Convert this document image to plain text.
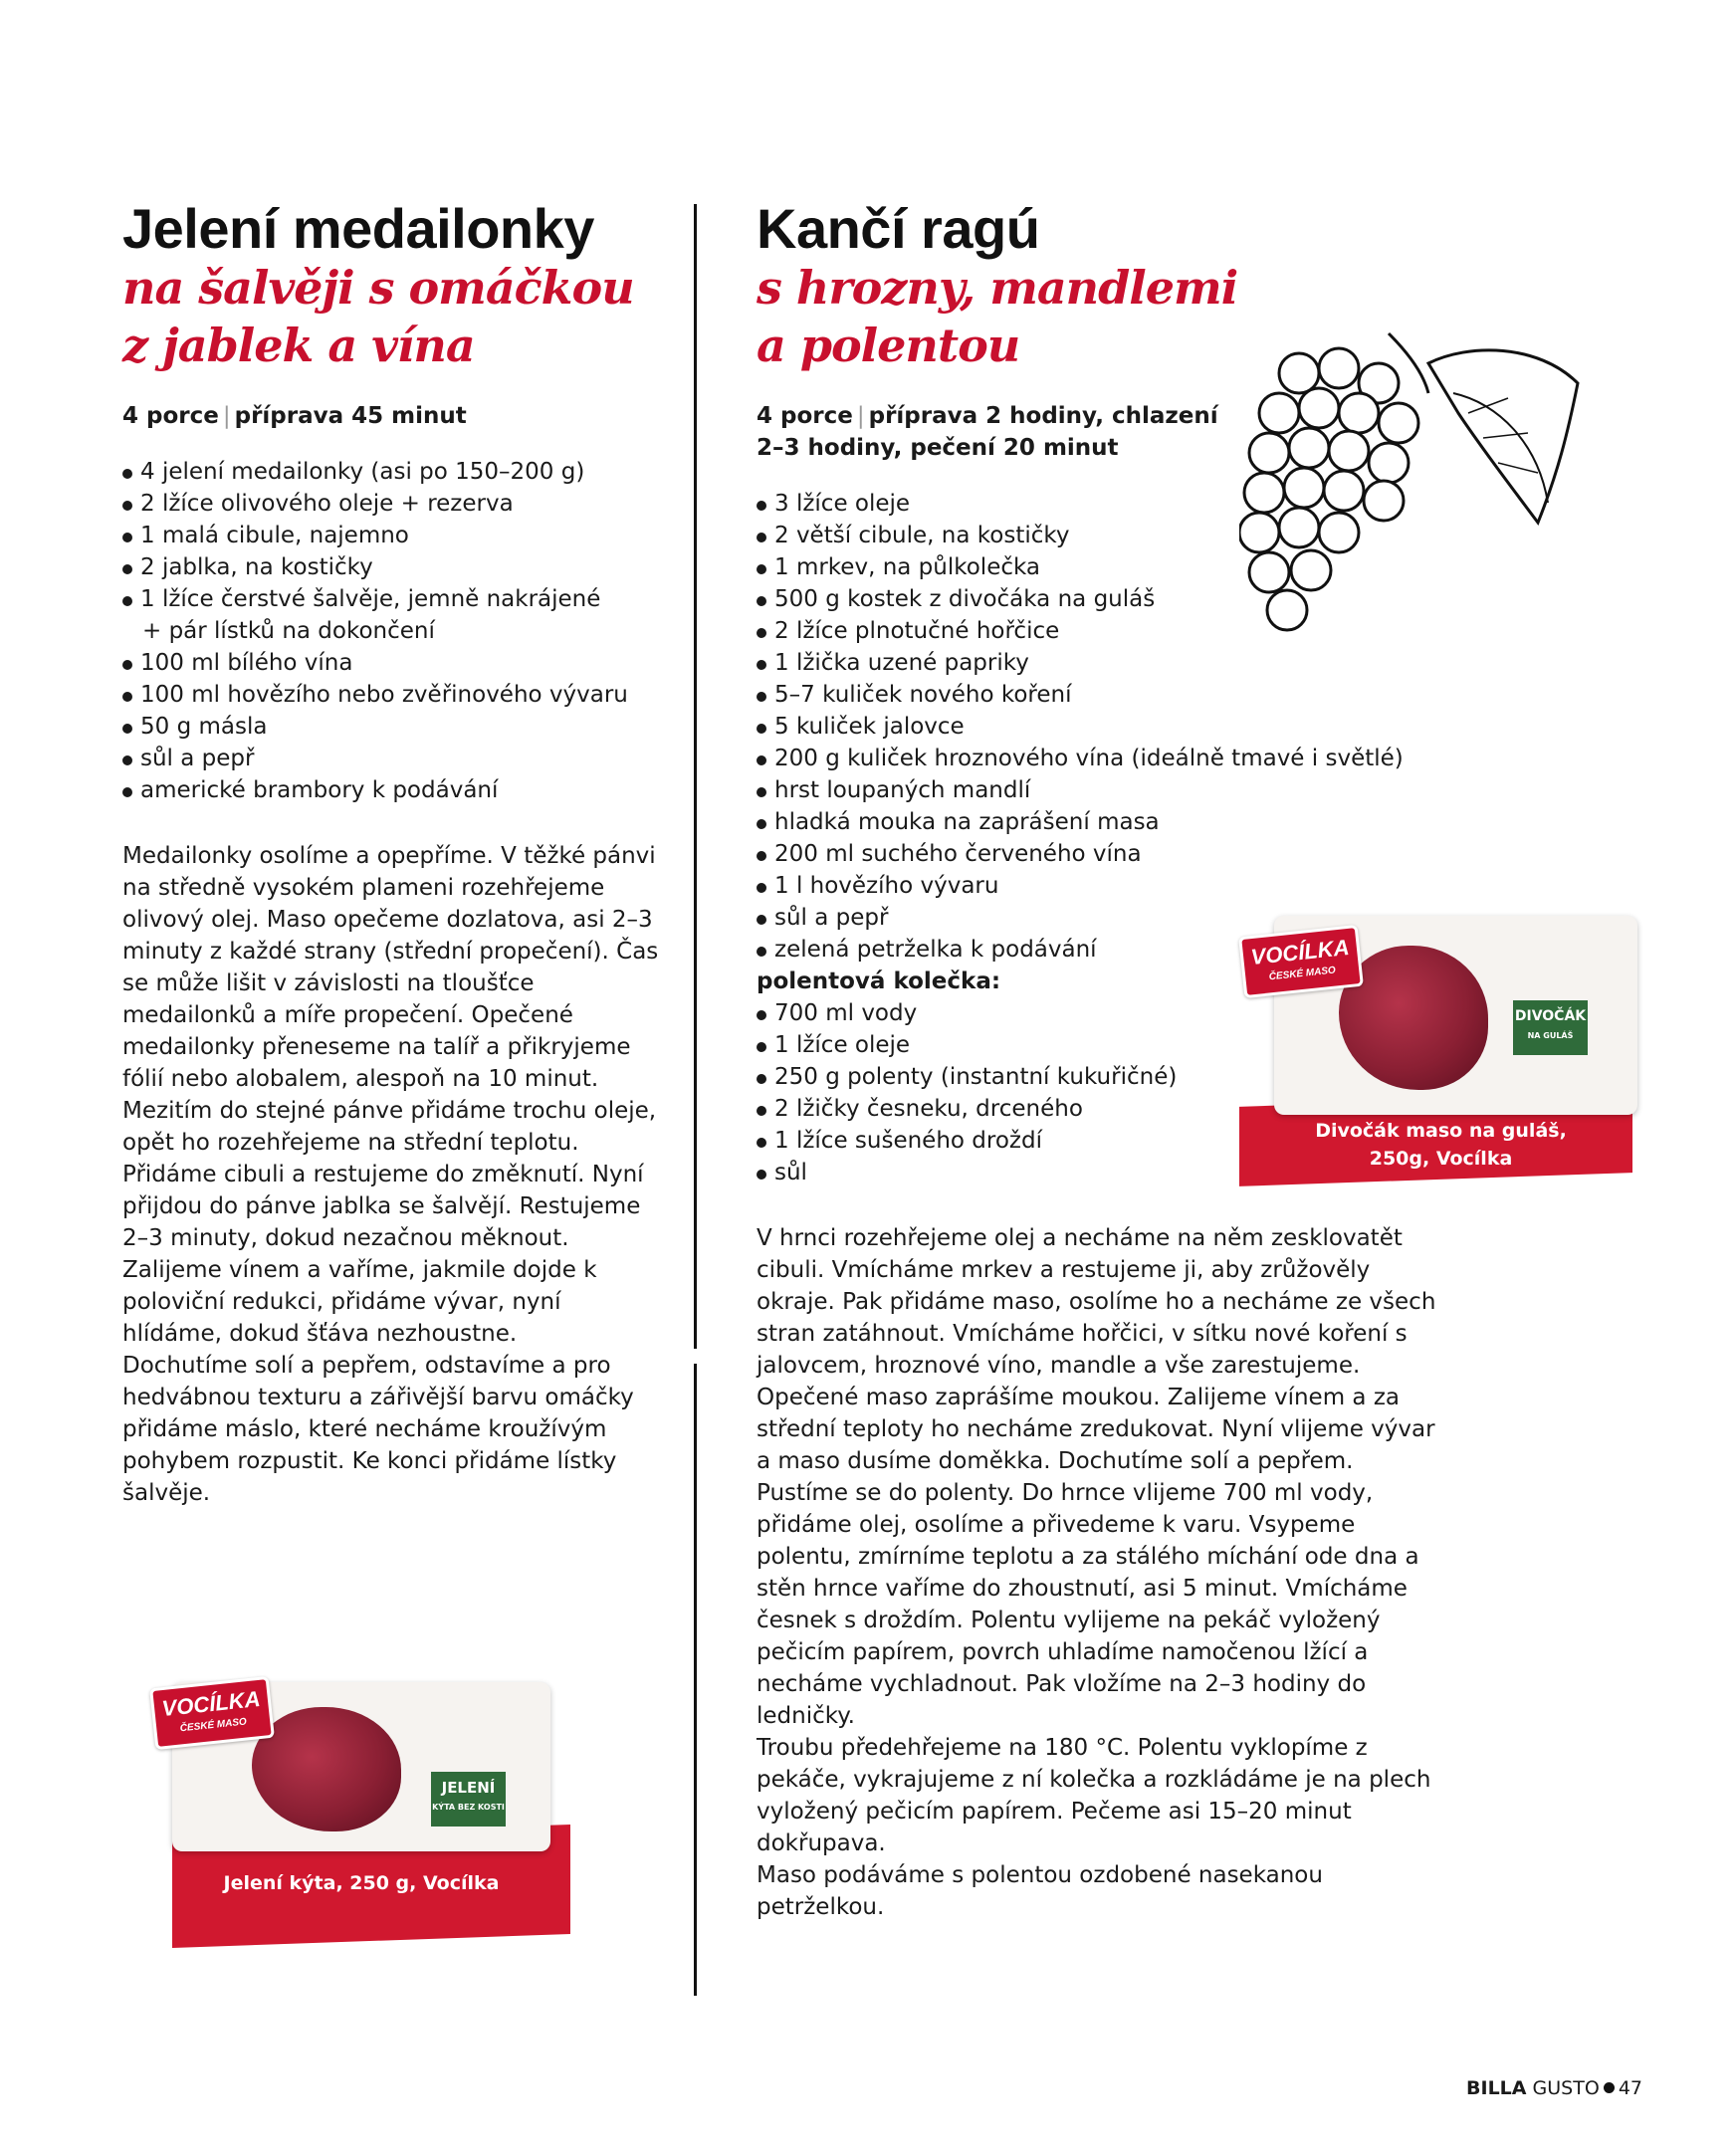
Jelení medailonky
na šalvěji s omáčkou
z jablek a vína
4 porce | příprava 45 minut
4 jelení medailonky (asi po 150–200 g)
2 lžíce olivového oleje + rezerva
1 malá cibule, najemno
2 jablka, na kostičky
1 lžíce čerstvé šalvěje, jemně nakrájené
+ pár lístků na dokončení
100 ml bílého vína
100 ml hovězího nebo zvěřinového vývaru
50 g másla
sůl a pepř
americké brambory k podávání

Medailonky osolíme a opepříme. V těžké pánvi na středně vysokém plameni rozehřejeme olivový olej. Maso opečeme dozlatova, asi 2–3 minuty z každé strany (střední propečení). Čas se může lišit v závislosti na tloušťce medailonků a míře propečení. Opečené medailonky přeneseme na talíř a přikryjeme fólií nebo alobalem, alespoň na 10 minut.

Mezitím do stejné pánve přidáme trochu oleje, opět ho rozehřejeme na střední teplotu. Přidáme cibuli a restujeme do změknutí. Nyní přijdou do pánve jablka se šalvějí. Restujeme 2–3 minuty, dokud nezačnou měknout. Zalijeme vínem a vaříme, jakmile dojde k poloviční redukci, přidáme vývar, nyní hlídáme, dokud šťáva nezhoustne.

Dochutíme solí a pepřem, odstavíme a pro hedvábnou texturu a zářivější barvu omáčky přidáme máslo, které necháme kroužívým pohybem rozpustit. Ke konci přidáme lístky šalvěje.

Kančí ragú
s hrozny, mandlemi
a polentou
4 porce | příprava 2 hodiny, chlazení
2–3 hodiny, pečení 20 minut
3 lžíce oleje
2 větší cibule, na kostičky
1 mrkev, na půlkolečka
500 g kostek z divočáka na guláš
2 lžíce plnotučné hořčice
1 lžička uzené papriky
5–7 kuliček nového koření
5 kuliček jalovce
200 g kuliček hroznového vína (ideálně tmavé i světlé)
hrst loupaných mandlí
hladká mouka na zaprášení masa
200 ml suchého červeného vína
1 l hovězího vývaru
sůl a pepř
zelená petrželka k podávání
polentová kolečka:
700 ml vody
1 lžíce oleje
250 g polenty (instantní kukuřičné)
2 lžičky česneku, drceného
1 lžíce sušeného droždí
sůl

V hrnci rozehřejeme olej a necháme na něm zesklovatět cibuli. Vmícháme mrkev a restujeme ji, aby zrůžověly okraje. Pak přidáme maso, osolíme ho a necháme ze všech stran zatáhnout. Vmícháme hořčici, v sítku nové koření s jalovcem, hroznové víno, mandle a vše zarestujeme. Opečené maso zaprášíme moukou. Zalijeme vínem a za střední teploty ho necháme zredukovat. Nyní vlijeme vývar a maso dusíme doměkka. Dochutíme solí a pepřem.

Pustíme se do polenty. Do hrnce vlijeme 700 ml vody, přidáme olej, osolíme a přivedeme k varu. Vsypeme polentu, zmírníme teplotu a za stálého míchání ode dna a stěn hrnce vaříme do zhoustnutí, asi 5 minut. Vmícháme česnek s droždím. Polentu vylijeme na pekáč vyložený pečicím papírem, povrch uhladíme namočenou lžící a necháme vychladnout. Pak vložíme na 2–3 hodiny do ledničky.

Troubu předehřejeme na 180 °C. Polentu vyklopíme z pekáče, vykrajujeme z ní kolečka a rozkládáme je na plech vyložený pečicím papírem. Pečeme asi 15–20 minut dokřupava.

Maso podáváme s polentou ozdobené nasekanou petrželkou.

JELENÍ
KÝTA BEZ KOSTI
VOCÍLKA
ČESKÉ MASO
Jelení kýta, 250 g, Vocílka
DIVOČÁK
NA GULÁŠ
VOCÍLKA
ČESKÉ MASO
Divočák maso na guláš,
250g, Vocílka
BILLA GUSTO 47
